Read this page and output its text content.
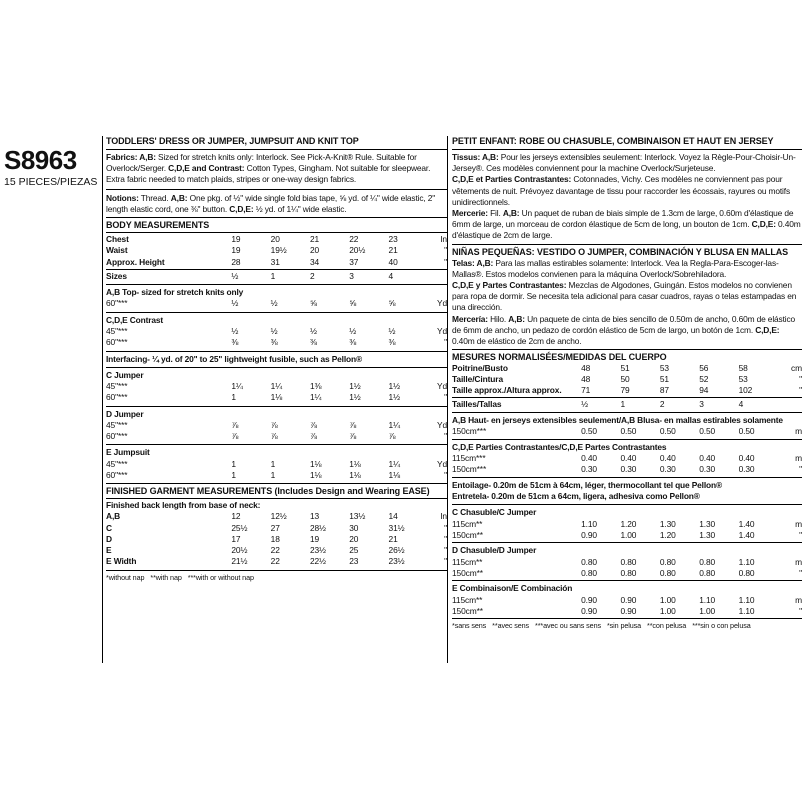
S8963
15 PIECES/PIEZAS
TODDLERS' DRESS OR JUMPER, JUMPSUIT AND KNIT TOP
Fabrics: A,B: Sized for stretch knits only: Interlock. See Pick-A-Knit® Rule. Suitable for Overlock/Serger. C,D,E and Contrast: Cotton Types, Gingham. Not suitable for sleepwear. Extra fabric needed to match plaids, stripes or one-way design fabrics.
Notions: Thread. A,B: One pkg. of ½" wide single fold bias tape, ⅝ yd. of ¼" wide elastic, 2" length elastic cord, one ⅜" button. C,D,E: ½ yd. of 1¼" wide elastic.
BODY MEASUREMENTS
Chest	19	20	21	22	23	In
Waist	19	19½	20	20½	21	"
Approx. Height	28	31	34	37	40	"
Sizes	½	1	2	3	4	
A,B Top- sized for stretch knits only
60"***	½	½	⅝	⅝	⅝	Yd
C,D,E Contrast
45"***	½	½	½	½	½	Yd
60"***	⅜	⅜	⅜	⅜	⅜	"
Interfacing- ¼ yd. of 20" to 25" lightweight fusible, such as Pellon®
C Jumper
45"***	1¼	1¼	1⅜	1½	1½	Yd
60"***	1	1⅛	1¼	1½	1½	"
D Jumper
45"***	⅞	⅞	⅞	⅞	1¼	Yd
60"***	⅞	⅞	⅞	⅞	⅞	"
E Jumpsuit
45"***	1	1	1⅛	1⅛	1¼	Yd
60"***	1	1	1⅛	1⅛	1⅛	"
FINISHED GARMENT MEASUREMENTS (Includes Design and Wearing EASE)
Finished back length from base of neck:
A,B	12	12½	13	13½	14	In
C	25½	27	28½	30	31½	"
D	17	18	19	20	21	"
E	20½	22	23½	25	26½	"
E Width	21½	22	22½	23	23½	"
*without nap **with nap ***with or without nap
PETIT ENFANT: ROBE OU CHASUBLE, COMBINAISON ET HAUT EN JERSEY
Tissus: A,B: Pour les jerseys extensibles seulement: Interlock. Voyez la Règle-Pour-Choisir-Un-Jersey®. Ces modèles conviennent pour la machine Overlock/Surjeteuse.
C,D,E et Parties Contrastantes: Cotonnades, Vichy. Ces modèles ne conviennent pas pour vêtements de nuit. Prévoyez davantage de tissu pour raccorder les écossais, rayures ou motifs unidirectionnels.
Mercerie: Fil. A,B: Un paquet de ruban de biais simple de 1.3cm de large, 0.60m d'élastique de 6mm de large, un morceau de cordon élastique de 5cm de long, un bouton de 1cm. C,D,E: 0.40m d'élastique de 2cm de large.
NIÑAS PEQUEÑAS: VESTIDO O JUMPER, COMBINACIÓN Y BLUSA EN MALLAS
Telas: A,B: Para las mallas estirables solamente: Interlock. Vea la Regla-Para-Escoger-las-Mallas®. Estos modelos convienen para la máquina Overlock/Sobrehiladora.
C,D,E y Partes Contrastantes: Mezclas de Algodones, Guingán. Estos modelos no convienen para ropa de dormir. Se necesita tela adicional para casar cuadros, rayas o telas estampadas en una dirección.
Mercería: Hilo. A,B: Un paquete de cinta de bies sencillo de 0.50m de ancho, 0.60m de elástico de 6mm de ancho, un pedazo de cordón elástico de 5cm de largo, un botón de 1cm. C,D,E: 0.40m de elástico de 2cm de ancho.
MESURES NORMALISÉES/MEDIDAS DEL CUERPO
Poitrine/Busto	48	51	53	56	58	cm
Taille/Cintura	48	50	51	52	53	"
Taille approx./Altura approx.	71	79	87	94	102	"
Tailles/Tallas	½	1	2	3	4	
A,B Haut- en jerseys extensibles seulement/A,B Blusa- en mallas estirables solamente
150cm***	0.50	0.50	0.50	0.50	0.50	m
C,D,E Parties Contrastantes/C,D,E Partes Contrastantes
115cm***	0.40	0.40	0.40	0.40	0.40	m
150cm***	0.30	0.30	0.30	0.30	0.30	"
Entoilage- 0.20m de 51cm à 64cm, léger, thermocollant tel que Pellon®
Entretela- 0.20m de 51cm a 64cm, ligera, adhesiva como Pellon®
C Chasuble/C Jumper
115cm**	1.10	1.20	1.30	1.30	1.40	m
150cm**	0.90	1.00	1.20	1.30	1.40	"
D Chasuble/D Jumper
115cm**	0.80	0.80	0.80	0.80	1.10	m
150cm**	0.80	0.80	0.80	0.80	0.80	"
E Combinaison/E Combinación
115cm**	0.90	0.90	1.00	1.10	1.10	m
150cm**	0.90	0.90	1.00	1.00	1.10	"
*sans sens **avec sens ***avec ou sans sens *sin pelusa **con pelusa ***sin o con pelusa
